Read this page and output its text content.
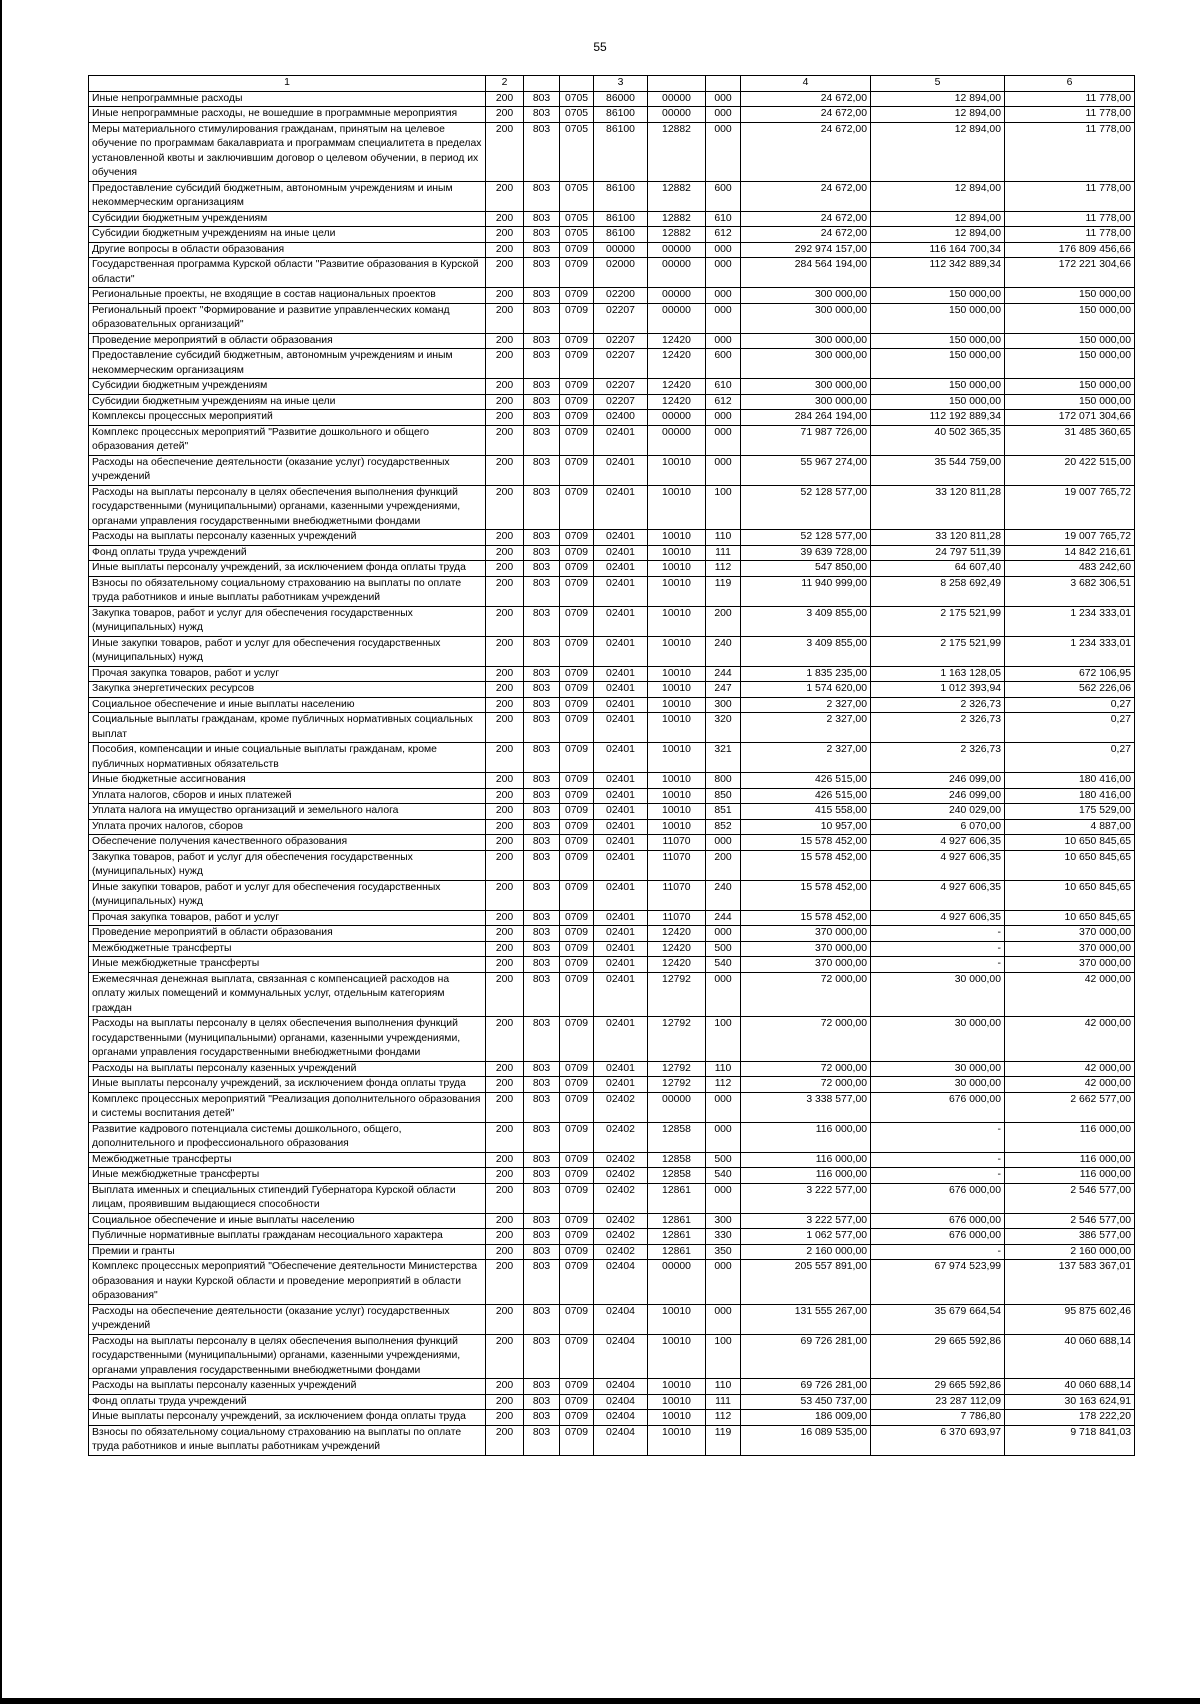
55
1	2			3			4	5	6
Иные непрограммные расходы	200	803	0705	86000	00000	000	24 672,00	12 894,00	11 778,00
Иные непрограммные расходы, не вошедшие в программные мероприятия	200	803	0705	86100	00000	000	24 672,00	12 894,00	11 778,00
Меры материального стимулирования гражданам, принятым на целевое обучение по программам бакалавриата и программам специалитета в пределах установленной квоты и заключившим договор о целевом обучении, в период их обучения	200	803	0705	86100	12882	000	24 672,00	12 894,00	11 778,00
Предоставление субсидий бюджетным, автономным учреждениям и иным некоммерческим организациям	200	803	0705	86100	12882	600	24 672,00	12 894,00	11 778,00
Субсидии бюджетным учреждениям	200	803	0705	86100	12882	610	24 672,00	12 894,00	11 778,00
Субсидии бюджетным учреждениям на иные цели	200	803	0705	86100	12882	612	24 672,00	12 894,00	11 778,00
Другие вопросы в области образования	200	803	0709	00000	00000	000	292 974 157,00	116 164 700,34	176 809 456,66
Государственная программа Курской области "Развитие образования в Курской области"	200	803	0709	02000	00000	000	284 564 194,00	112 342 889,34	172 221 304,66
Региональные проекты, не входящие в состав национальных проектов	200	803	0709	02200	00000	000	300 000,00	150 000,00	150 000,00
Региональный проект "Формирование и развитие управленческих команд образовательных организаций"	200	803	0709	02207	00000	000	300 000,00	150 000,00	150 000,00
Проведение мероприятий в области образования	200	803	0709	02207	12420	000	300 000,00	150 000,00	150 000,00
Предоставление субсидий бюджетным, автономным учреждениям и иным некоммерческим организациям	200	803	0709	02207	12420	600	300 000,00	150 000,00	150 000,00
Субсидии бюджетным учреждениям	200	803	0709	02207	12420	610	300 000,00	150 000,00	150 000,00
Субсидии бюджетным учреждениям на иные цели	200	803	0709	02207	12420	612	300 000,00	150 000,00	150 000,00
Комплексы процессных мероприятий	200	803	0709	02400	00000	000	284 264 194,00	112 192 889,34	172 071 304,66
Комплекс процессных мероприятий "Развитие дошкольного и общего образования детей"	200	803	0709	02401	00000	000	71 987 726,00	40 502 365,35	31 485 360,65
Расходы на обеспечение деятельности (оказание услуг) государственных учреждений	200	803	0709	02401	10010	000	55 967 274,00	35 544 759,00	20 422 515,00
Расходы на выплаты персоналу в целях обеспечения выполнения функций государственными (муниципальными) органами, казенными учреждениями, органами управления государственными внебюджетными фондами	200	803	0709	02401	10010	100	52 128 577,00	33 120 811,28	19 007 765,72
Расходы на выплаты персоналу казенных учреждений	200	803	0709	02401	10010	110	52 128 577,00	33 120 811,28	19 007 765,72
Фонд оплаты труда учреждений	200	803	0709	02401	10010	111	39 639 728,00	24 797 511,39	14 842 216,61
Иные выплаты персоналу учреждений, за исключением фонда оплаты труда	200	803	0709	02401	10010	112	547 850,00	64 607,40	483 242,60
Взносы по обязательному социальному страхованию на выплаты по оплате труда работников и иные выплаты работникам учреждений	200	803	0709	02401	10010	119	11 940 999,00	8 258 692,49	3 682 306,51
Закупка товаров, работ и услуг для обеспечения государственных (муниципальных) нужд	200	803	0709	02401	10010	200	3 409 855,00	2 175 521,99	1 234 333,01
Иные закупки товаров, работ и услуг для обеспечения государственных (муниципальных) нужд	200	803	0709	02401	10010	240	3 409 855,00	2 175 521,99	1 234 333,01
Прочая закупка товаров, работ и услуг	200	803	0709	02401	10010	244	1 835 235,00	1 163 128,05	672 106,95
Закупка энергетических ресурсов	200	803	0709	02401	10010	247	1 574 620,00	1 012 393,94	562 226,06
Социальное обеспечение и иные выплаты населению	200	803	0709	02401	10010	300	2 327,00	2 326,73	0,27
Социальные выплаты гражданам, кроме публичных нормативных социальных выплат	200	803	0709	02401	10010	320	2 327,00	2 326,73	0,27
Пособия, компенсации и иные социальные выплаты гражданам, кроме публичных нормативных обязательств	200	803	0709	02401	10010	321	2 327,00	2 326,73	0,27
Иные бюджетные ассигнования	200	803	0709	02401	10010	800	426 515,00	246 099,00	180 416,00
Уплата налогов, сборов и иных платежей	200	803	0709	02401	10010	850	426 515,00	246 099,00	180 416,00
Уплата налога на имущество организаций и земельного налога	200	803	0709	02401	10010	851	415 558,00	240 029,00	175 529,00
Уплата прочих налогов, сборов	200	803	0709	02401	10010	852	10 957,00	6 070,00	4 887,00
Обеспечение получения качественного образования	200	803	0709	02401	11070	000	15 578 452,00	4 927 606,35	10 650 845,65
Закупка товаров, работ и услуг для обеспечения государственных (муниципальных) нужд	200	803	0709	02401	11070	200	15 578 452,00	4 927 606,35	10 650 845,65
Иные закупки товаров, работ и услуг для обеспечения государственных (муниципальных) нужд	200	803	0709	02401	11070	240	15 578 452,00	4 927 606,35	10 650 845,65
Прочая закупка товаров, работ и услуг	200	803	0709	02401	11070	244	15 578 452,00	4 927 606,35	10 650 845,65
Проведение мероприятий в области образования	200	803	0709	02401	12420	000	370 000,00	-	370 000,00
Межбюджетные трансферты	200	803	0709	02401	12420	500	370 000,00	-	370 000,00
Иные межбюджетные трансферты	200	803	0709	02401	12420	540	370 000,00	-	370 000,00
Ежемесячная денежная выплата, связанная с компенсацией расходов на оплату жилых помещений и коммунальных услуг, отдельным категориям граждан	200	803	0709	02401	12792	000	72 000,00	30 000,00	42 000,00
Расходы на выплаты персоналу в целях обеспечения выполнения функций государственными (муниципальными) органами, казенными учреждениями, органами управления государственными внебюджетными фондами	200	803	0709	02401	12792	100	72 000,00	30 000,00	42 000,00
Расходы на выплаты персоналу казенных учреждений	200	803	0709	02401	12792	110	72 000,00	30 000,00	42 000,00
Иные выплаты персоналу учреждений, за исключением фонда оплаты труда	200	803	0709	02401	12792	112	72 000,00	30 000,00	42 000,00
Комплекс процессных мероприятий "Реализация дополнительного образования и системы воспитания детей"	200	803	0709	02402	00000	000	3 338 577,00	676 000,00	2 662 577,00
Развитие кадрового потенциала системы дошкольного, общего, дополнительного и профессионального образования	200	803	0709	02402	12858	000	116 000,00	-	116 000,00
Межбюджетные трансферты	200	803	0709	02402	12858	500	116 000,00	-	116 000,00
Иные межбюджетные трансферты	200	803	0709	02402	12858	540	116 000,00	-	116 000,00
Выплата именных и специальных стипендий Губернатора Курской области лицам, проявившим выдающиеся способности	200	803	0709	02402	12861	000	3 222 577,00	676 000,00	2 546 577,00
Социальное обеспечение и иные выплаты населению	200	803	0709	02402	12861	300	3 222 577,00	676 000,00	2 546 577,00
Публичные нормативные выплаты гражданам несоциального характера	200	803	0709	02402	12861	330	1 062 577,00	676 000,00	386 577,00
Премии и гранты	200	803	0709	02402	12861	350	2 160 000,00	-	2 160 000,00
Комплекс процессных мероприятий "Обеспечение деятельности Министерства образования и науки Курской области и проведение мероприятий в области образования"	200	803	0709	02404	00000	000	205 557 891,00	67 974 523,99	137 583 367,01
Расходы на обеспечение деятельности (оказание услуг) государственных учреждений	200	803	0709	02404	10010	000	131 555 267,00	35 679 664,54	95 875 602,46
Расходы на выплаты персоналу в целях обеспечения выполнения функций государственными (муниципальными) органами, казенными учреждениями, органами управления государственными внебюджетными фондами	200	803	0709	02404	10010	100	69 726 281,00	29 665 592,86	40 060 688,14
Расходы на выплаты персоналу казенных учреждений	200	803	0709	02404	10010	110	69 726 281,00	29 665 592,86	40 060 688,14
Фонд оплаты труда учреждений	200	803	0709	02404	10010	111	53 450 737,00	23 287 112,09	30 163 624,91
Иные выплаты персоналу учреждений, за исключением фонда оплаты труда	200	803	0709	02404	10010	112	186 009,00	7 786,80	178 222,20
Взносы по обязательному социальному страхованию на выплаты по оплате труда работников и иные выплаты работникам учреждений	200	803	0709	02404	10010	119	16 089 535,00	6 370 693,97	9 718 841,03
